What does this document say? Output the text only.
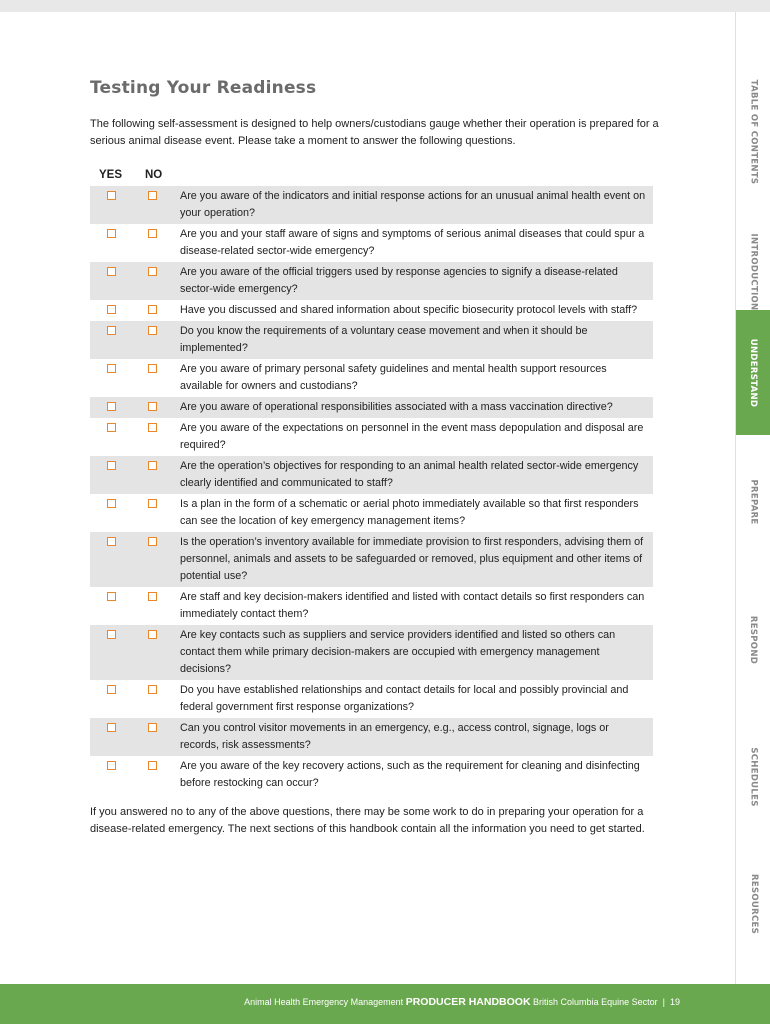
Testing Your Readiness

The following self-assessment is designed to help owners/custodians gauge whether their operation is prepared for a serious animal disease event. Please take a moment to answer the following questions.

YES NO
Are you aware of the indicators and initial response actions for an unusual animal health event on your operation?
Are you and your staff aware of signs and symptoms of serious animal diseases that could spur a disease-related sector-wide emergency?
Are you aware of the official triggers used by response agencies to signify a disease-related sector-wide emergency?
Have you discussed and shared information about specific biosecurity protocol levels with staff?
Do you know the requirements of a voluntary cease movement and when it should be implemented?
Are you aware of primary personal safety guidelines and mental health support resources available for owners and custodians?
Are you aware of operational responsibilities associated with a mass vaccination directive?
Are you aware of the expectations on personnel in the event mass depopulation and disposal are required?
Are the operation’s objectives for responding to an animal health related sector-wide emergency clearly identified and communicated to staff?
Is a plan in the form of a schematic or aerial photo immediately available so that first responders can see the location of key emergency management items?
Is the operation’s inventory available for immediate provision to first responders, advising them of personnel, animals and assets to be safeguarded or removed, plus equipment and other items of potential use?
Are staff and key decision-makers identified and listed with contact details so first responders can immediately contact them?
Are key contacts such as suppliers and service providers identified and listed so others can contact them while primary decision-makers are occupied with emergency management decisions?
Do you have established relationships and contact details for local and possibly provincial and federal government first response organizations?
Can you control visitor movements in an emergency, e.g., access control, signage, logs or records, risk assessments?
Are you aware of the key recovery actions, such as the requirement for cleaning and disinfecting before restocking can occur?

If you answered no to any of the above questions, there may be some work to do in preparing your operation for a disease-related emergency. The next sections of this handbook contain all the information you need to get started.

TABLE OF CONTENTS
INTRODUCTION
UNDERSTAND
PREPARE
RESPOND
SCHEDULES
RESOURCES
Animal Health Emergency Management PRODUCER HANDBOOK British Columbia Equine Sector  |  19
